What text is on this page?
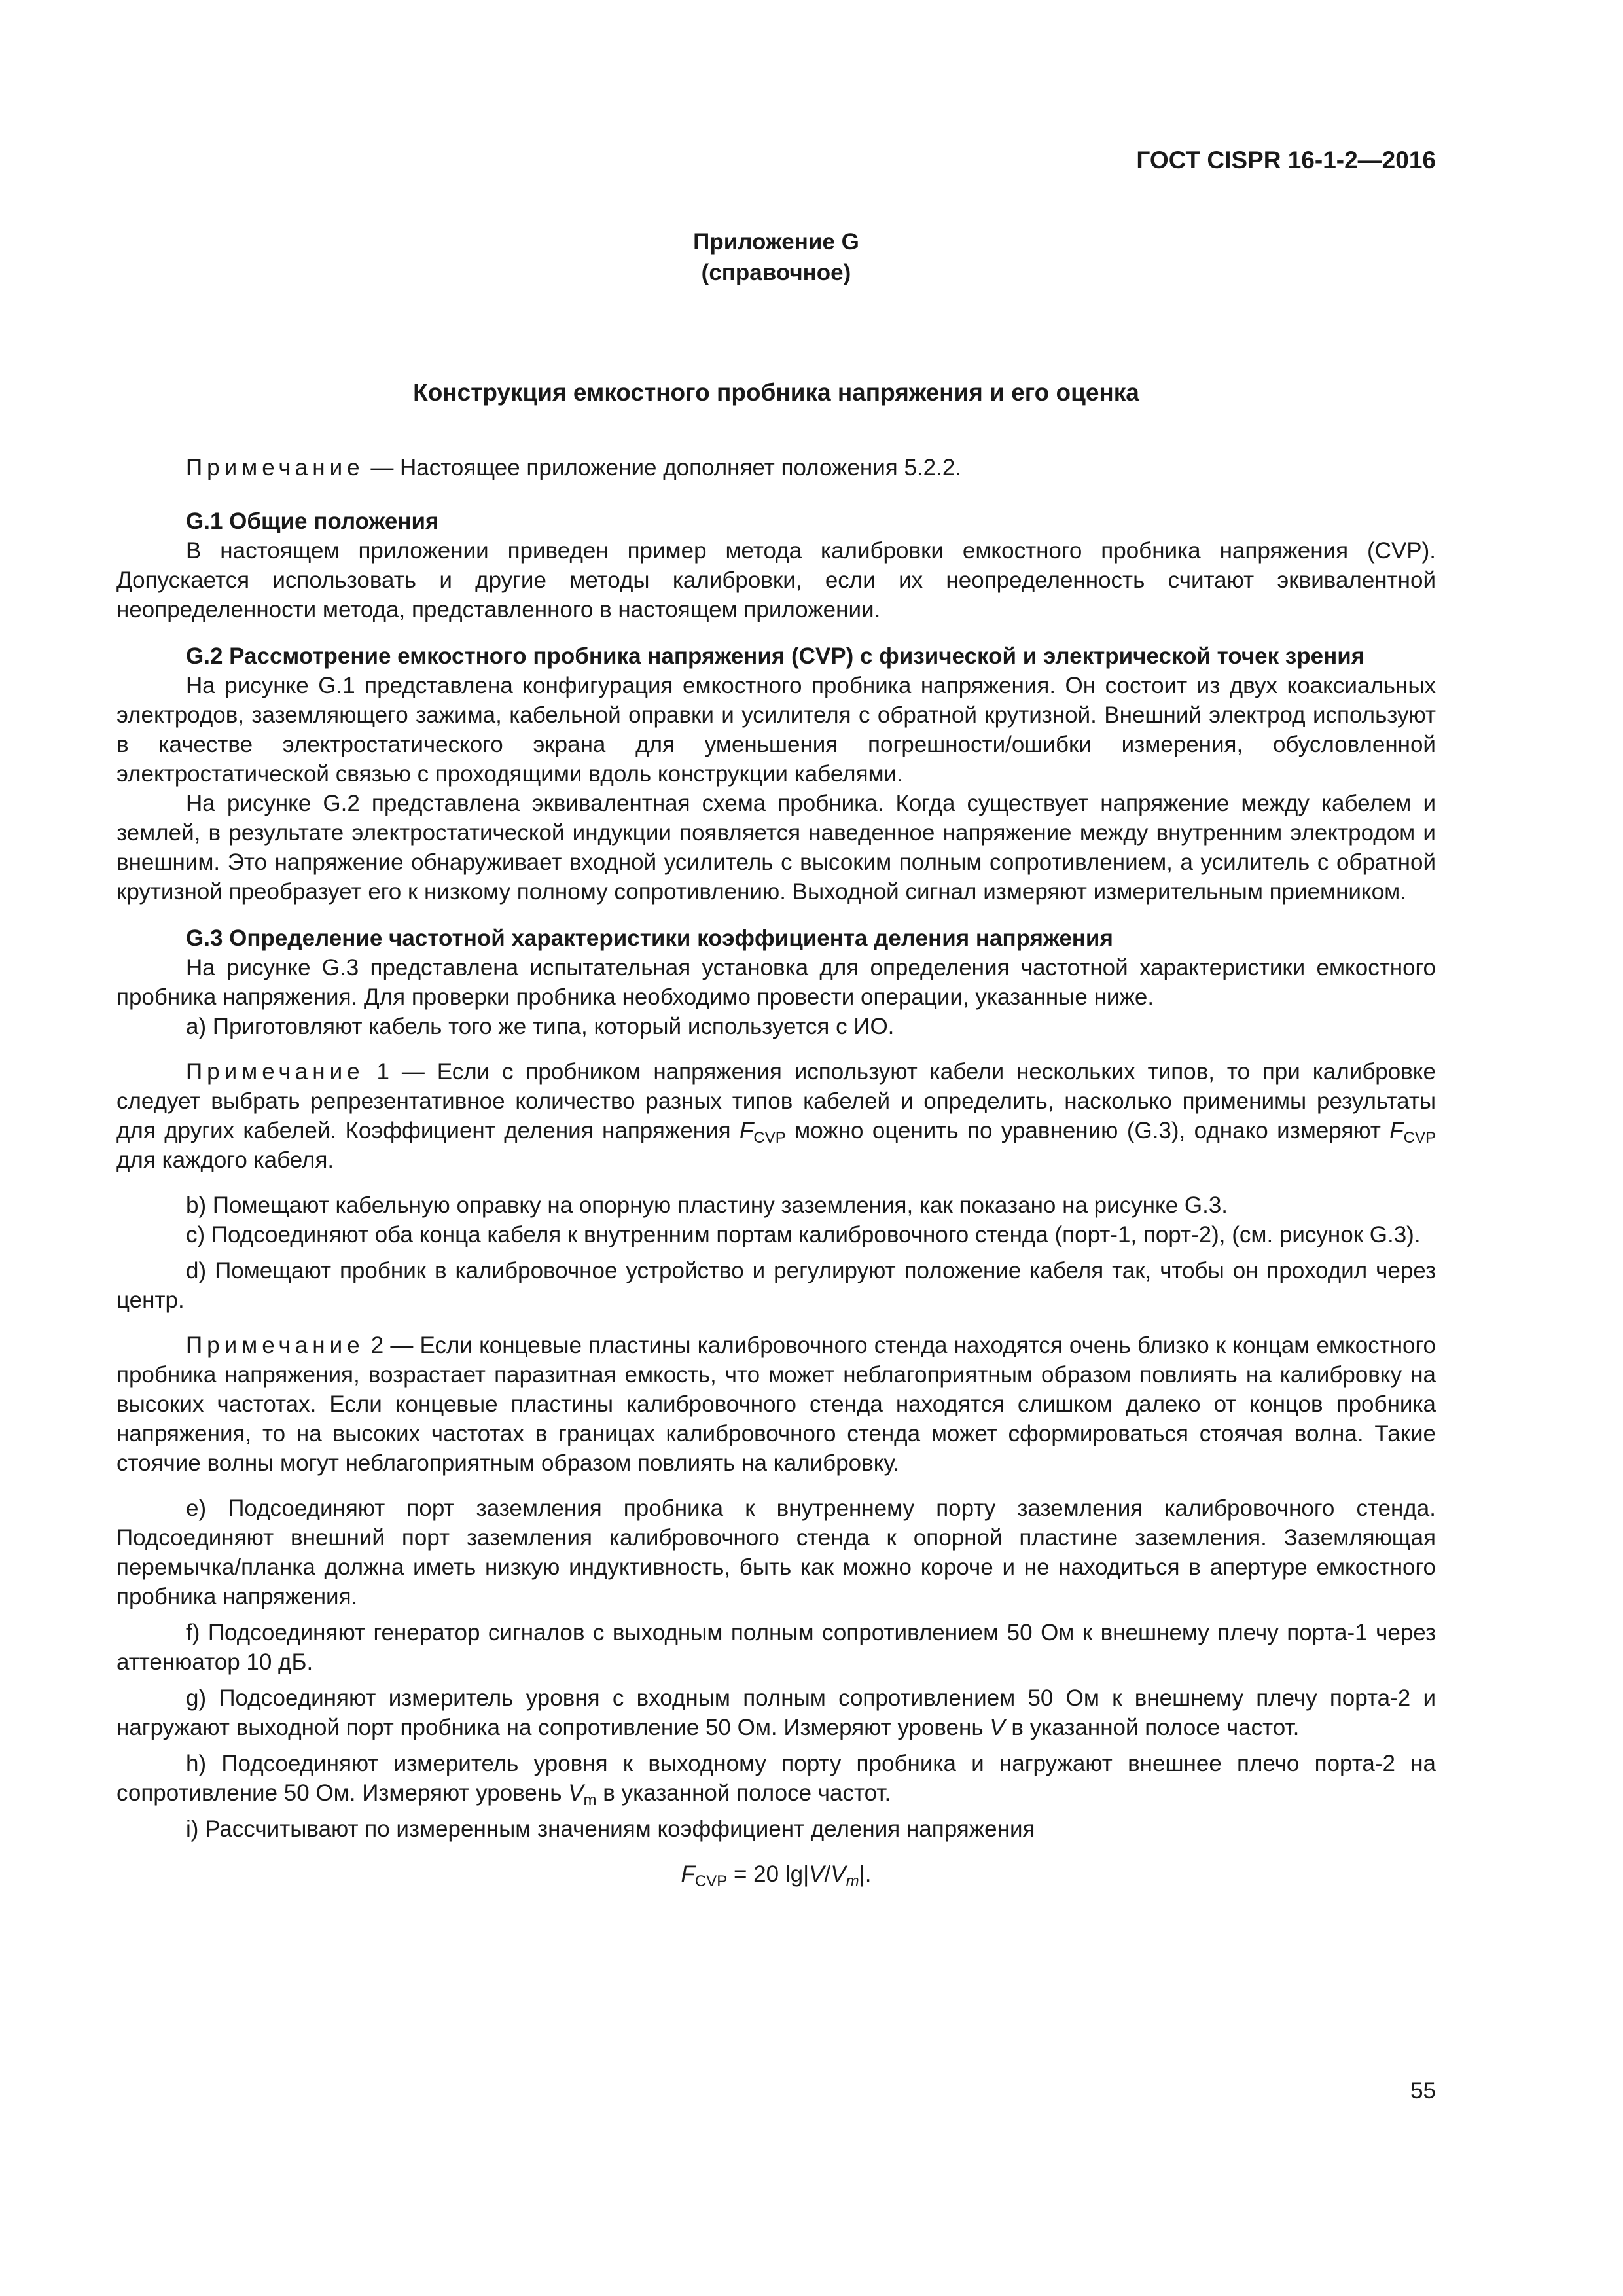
ГОСТ CISPR 16-1-2—2016
Приложение G
(справочное)
Конструкция емкостного пробника напряжения и его оценка

Примечание — Настоящее приложение дополняет положения 5.2.2.

G.1 Общие положения

В настоящем приложении приведен пример метода калибровки емкостного пробника напряжения (CVP). Допускается использовать и другие методы калибровки, если их неопределенность считают эквивалентной неопределенности метода, представленного в настоящем приложении.

G.2 Рассмотрение емкостного пробника напряжения (CVP) с физической и электрической точек зрения

На рисунке G.1 представлена конфигурация емкостного пробника напряжения. Он состоит из двух коаксиальных электродов, заземляющего зажима, кабельной оправки и усилителя с обратной крутизной. Внешний электрод используют в качестве электростатического экрана для уменьшения погрешности/ошибки измерения, обусловленной электростатической связью с проходящими вдоль конструкции кабелями.

На рисунке G.2 представлена эквивалентная схема пробника. Когда существует напряжение между кабелем и землей, в результате электростатической индукции появляется наведенное напряжение между внутренним электродом и внешним. Это напряжение обнаруживает входной усилитель с высоким полным сопротивлением, а усилитель с обратной крутизной преобразует его к низкому полному сопротивлению. Выходной сигнал измеряют измерительным приемником.

G.3 Определение частотной характеристики коэффициента деления напряжения

На рисунке G.3 представлена испытательная установка для определения частотной характеристики емкостного пробника напряжения. Для проверки пробника необходимо провести операции, указанные ниже.

a) Приготовляют кабель того же типа, который используется с ИО.

Примечание 1 — Если с пробником напряжения используют кабели нескольких типов, то при калибровке следует выбрать репрезентативное количество разных типов кабелей и определить, насколько применимы результаты для других кабелей. Коэффициент деления напряжения $F_{CVP}$ можно оценить по уравнению (G.3), однако измеряют $F_{CVP}$ для каждого кабеля.

b) Помещают кабельную оправку на опорную пластину заземления, как показано на рисунке G.3.

c) Подсоединяют оба конца кабеля к внутренним портам калибровочного стенда (порт-1, порт-2), (см. рисунок G.3).

d) Помещают пробник в калибровочное устройство и регулируют положение кабеля так, чтобы он проходил через центр.

Примечание 2 — Если концевые пластины калибровочного стенда находятся очень близко к концам емкостного пробника напряжения, возрастает паразитная емкость, что может неблагоприятным образом повлиять на калибровку на высоких частотах. Если концевые пластины калибровочного стенда находятся слишком далеко от концов пробника напряжения, то на высоких частотах в границах калибровочного стенда может сформироваться стоячая волна. Такие стоячие волны могут неблагоприятным образом повлиять на калибровку.

e) Подсоединяют порт заземления пробника к внутреннему порту заземления калибровочного стенда. Подсоединяют внешний порт заземления калибровочного стенда к опорной пластине заземления. Заземляющая перемычка/планка должна иметь низкую индуктивность, быть как можно короче и не находиться в апертуре емкостного пробника напряжения.

f) Подсоединяют генератор сигналов с выходным полным сопротивлением 50 Ом к внешнему плечу порта-1 через аттенюатор 10 дБ.

g) Подсоединяют измеритель уровня с входным полным сопротивлением 50 Ом к внешнему плечу порта-2 и нагружают выходной порт пробника на сопротивление 50 Ом. Измеряют уровень V в указанной полосе частот.

h) Подсоединяют измеритель уровня к выходному порту пробника и нагружают внешнее плечо порта-2 на сопротивление 50 Ом. Измеряют уровень $V_m$ в указанной полосе частот.

i) Рассчитывают по измеренным значениям коэффициент деления напряжения

$F_{CVP} = 20$ $\lg|V/V_m|$.

55
